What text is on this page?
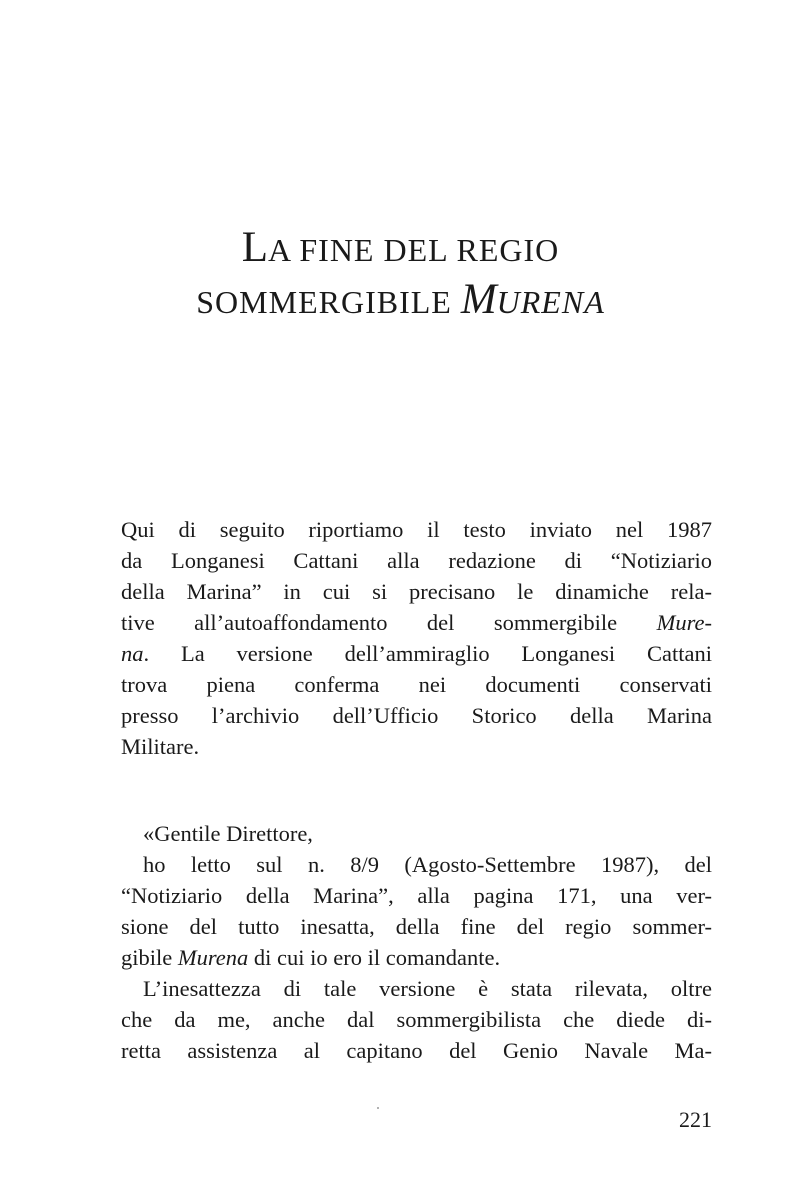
LA FINE DEL REGIO
SOMMERGIBILE MURENA
Qui di seguito riportiamo il testo inviato nel 1987
da Longanesi Cattani alla redazione di “Notiziario
della Marina” in cui si precisano le dinamiche rela-
tive all’autoaffondamento del sommergibile Mure-
na. La versione dell’ammiraglio Longanesi Cattani
trova piena conferma nei documenti conservati
presso l’archivio dell’Ufficio Storico della Marina
Militare.
«Gentile Direttore,
ho letto sul n. 8/9 (Agosto-Settembre 1987), del
“Notiziario della Marina”, alla pagina 171, una ver-
sione del tutto inesatta, della fine del regio sommer-
gibile Murena di cui io ero il comandante.
L’inesattezza di tale versione è stata rilevata, oltre
che da me, anche dal sommergibilista che diede di-
retta assistenza al capitano del Genio Navale Ma-
221
